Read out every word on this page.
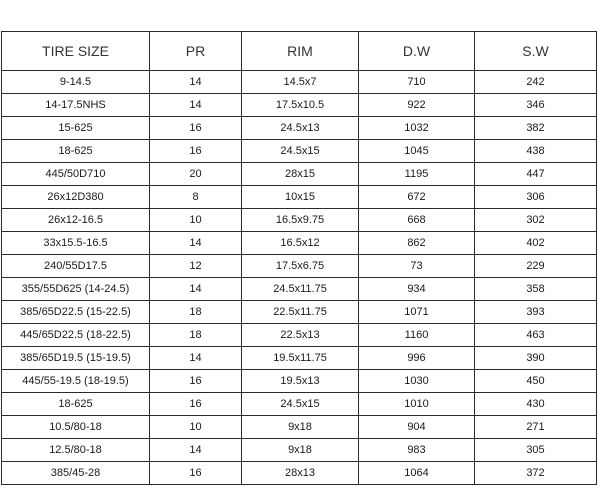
TIRE SIZE	PR	RIM	D.W	S.W
9-14.5	14	14.5x7	710	242
14-17.5NHS	14	17.5x10.5	922	346
15-625	16	24.5x13	1032	382
18-625	16	24.5x15	1045	438
445/50D710	20	28x15	1195	447
26x12D380	8	10x15	672	306
26x12-16.5	10	16.5x9.75	668	302
33x15.5-16.5	14	16.5x12	862	402
240/55D17.5	12	17.5x6.75	73	229
355/55D625 (14-24.5)	14	24.5x11.75	934	358
385/65D22.5 (15-22.5)	18	22.5x11.75	1071	393
445/65D22.5 (18-22.5)	18	22.5x13	1160	463
385/65D19.5 (15-19.5)	14	19.5x11.75	996	390
445/55-19.5 (18-19.5)	16	19.5x13	1030	450
18-625	16	24.5x15	1010	430
10.5/80-18	10	9x18	904	271
12.5/80-18	14	9x18	983	305
385/45-28	16	28x13	1064	372
